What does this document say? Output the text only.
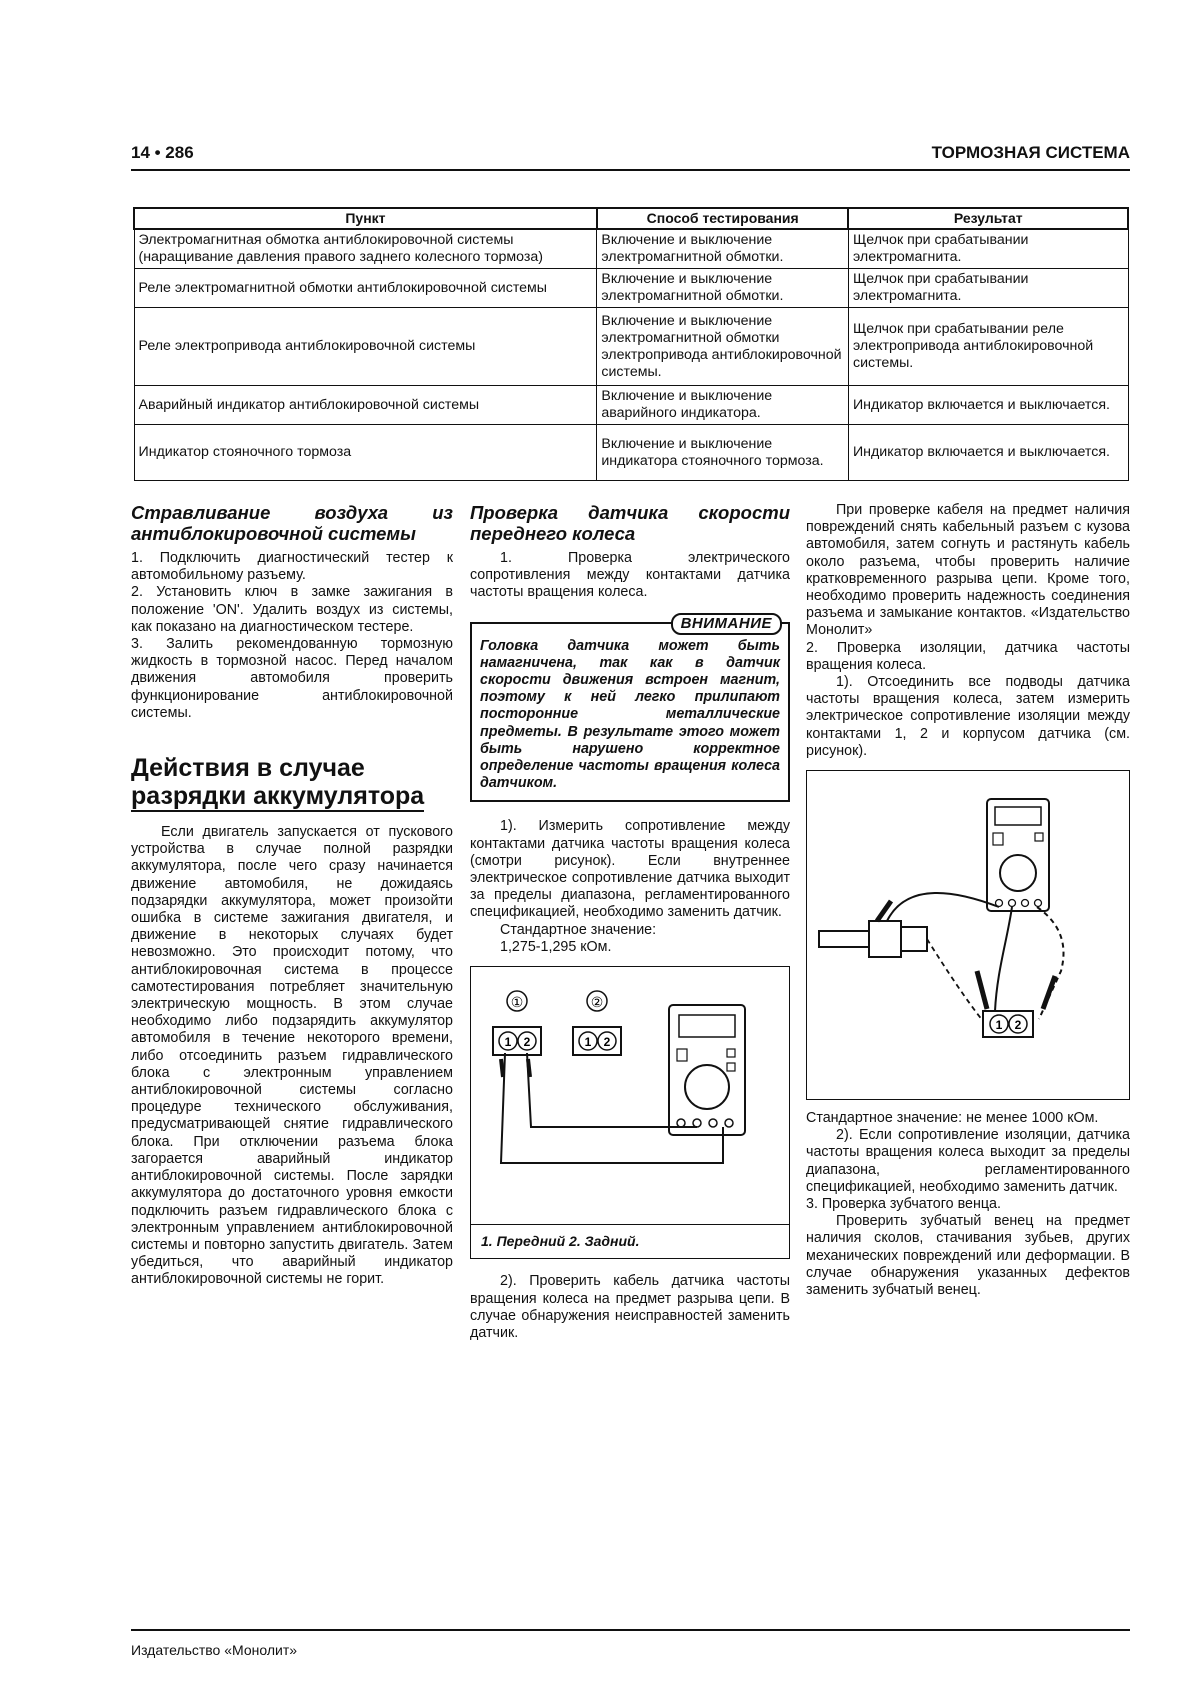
14 • 286	ТОРМОЗНАЯ СИСТЕМА
Пункт	Способ тестирования	Результат
Электромагнитная обмотка антиблокировочной системы (наращивание давления правого заднего колесного тормоза)	Включение и выключение электромагнитной обмотки.	Щелчок при срабатывании электромагнита.
Реле электромагнитной обмотки антиблокировочной системы	Включение и выключение электромагнитной обмотки.	Щелчок при срабатывании электромагнита.
Реле электропривода антиблокировочной системы	Включение и выключение электромагнитной обмотки электропривода антиблокировочной системы.	Щелчок при срабатывании реле электропривода антиблокировочной системы.
Аварийный индикатор антиблокировочной системы	Включение и выключение аварийного индикатора.	Индикатор включается и выключается.
Индикатор стояночного тормоза	Включение и выключение индикатора стояночного тормоза.	Индикатор включается и выключается.
Стравливание воздуха из антиблокировочной системы

1. Подключить диагностический тестер к автомобильному разъему.

2. Установить ключ в замке зажигания в положение 'ON'. Удалить воздух из системы, как показано на диагностическом тестере.

3. Залить рекомендованную тормозную жидкость в тормозной насос. Перед началом движения автомобиля проверить функционирование антиблокировочной системы.

Действия в случае
разрядки аккумулятора

Если двигатель запускается от пускового устройства в случае полной разрядки аккумулятора, после чего сразу начинается движение автомобиля, не дожидаясь подзарядки аккумулятора, может произойти ошибка в системе зажигания двигателя, и движение в некоторых случаях будет невозможно. Это происходит потому, что антиблокировочная система в процессе самотестирования потребляет значительную электрическую мощность. В этом случае необходимо либо подзарядить аккумулятор автомобиля в течение некоторого времени, либо отсоединить разъем гидравлического блока с электронным управлением антиблокировочной системы согласно процедуре технического обслуживания, предусматривающей снятие гидравлического блока. При отключении разъема блока загорается аварийный индикатор антиблокировочной системы. После зарядки аккумулятора до достаточного уровня емкости подключить разъем гидравлического блока с электронным управлением антиблокировочной системы и повторно запустить двигатель. Затем убедиться, что аварийный индикатор антиблокировочной системы не горит.

Проверка датчика скорости переднего колеса

1. Проверка электрического сопротивления между контактами датчика частоты вращения колеса.

ВНИМАНИЕ
Головка датчика может быть намагничена, так как в датчик скорости движения встроен магнит, поэтому к ней легко прилипают посторонние металлические предметы. В результате этого может быть нарушено корректное определение частоты вращения колеса датчиком.

1). Измерить сопротивление между контактами датчика частоты вращения колеса (смотри рисунок). Если внутреннее электрическое сопротивление датчика выходит за пределы диапазона, регламентированного спецификацией, необходимо заменить датчик.

Стандартное значение:

1,275-1,295 кОм.

①	②
1 2	1 2
1. Передний 2. Задний.

2). Проверить кабель датчика частоты вращения колеса на предмет разрыва цепи. В случае обнаружения неисправностей заменить датчик.

При проверке кабеля на предмет наличия повреждений снять кабельный разъем с кузова автомобиля, затем согнуть и растянуть кабель около разъема, чтобы проверить наличие кратковременного разрыва цепи. Кроме того, необходимо проверить надежность соединения разъема и замыкание контактов. «Издательство Монолит»

2. Проверка изоляции, датчика частоты вращения колеса.

1). Отсоединить все подводы датчика частоты вращения колеса, затем измерить электрическое сопротивление изоляции между контактами 1, 2 и корпусом датчика (см. рисунок).

1 2

Стандартное значение: не менее 1000 кОм.

2). Если сопротивление изоляции, датчика частоты вращения колеса выходит за пределы диапазона, регламентированного спецификацией, необходимо заменить датчик.

3. Проверка зубчатого венца.

Проверить зубчатый венец на предмет наличия сколов, стачивания зубьев, других механических повреждений или деформации. В случае обнаружения указанных дефектов заменить зубчатый венец.

Издательство «Монолит»
